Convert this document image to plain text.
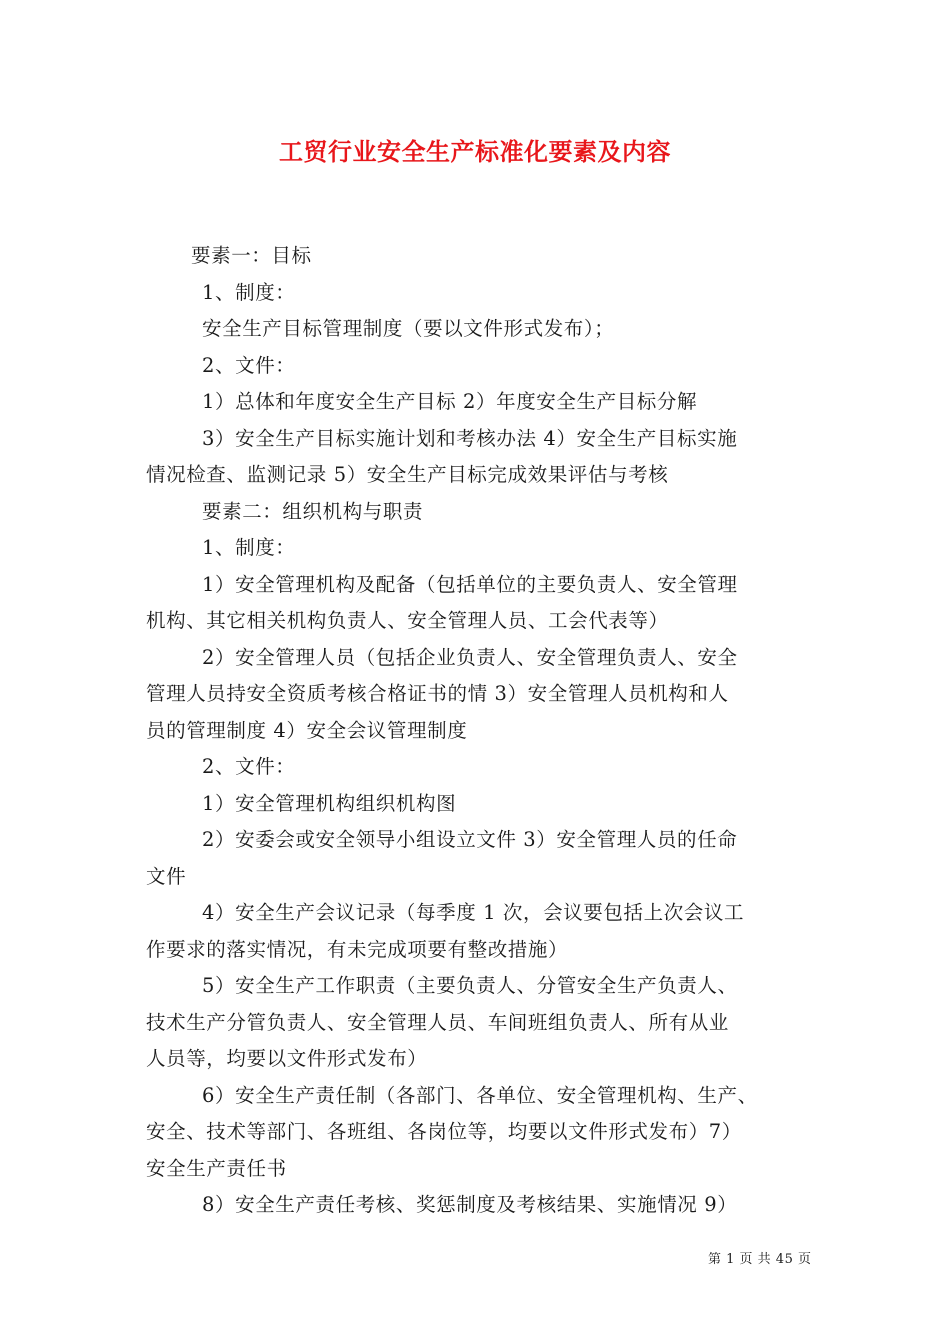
工贸行业安全生产标准化要素及内容

要素一：目标

1、制度：

安全生产目标管理制度（要以文件形式发布）；

2、文件：

1）总体和年度安全生产目标 2）年度安全生产目标分解

3）安全生产目标实施计划和考核办法 4）安全生产目标实施

情况检查、监测记录 5）安全生产目标完成效果评估与考核

要素二：组织机构与职责

1、制度：

1）安全管理机构及配备（包括单位的主要负责人、安全管理

机构、其它相关机构负责人、安全管理人员、工会代表等）

2）安全管理人员（包括企业负责人、安全管理负责人、安全

管理人员持安全资质考核合格证书的情 3）安全管理人员机构和人

员的管理制度 4）安全会议管理制度

2、文件：

1）安全管理机构组织机构图

2）安委会或安全领导小组设立文件 3）安全管理人员的任命

文件

4）安全生产会议记录（每季度 1 次，会议要包括上次会议工

作要求的落实情况，有未完成项要有整改措施）

5）安全生产工作职责（主要负责人、分管安全生产负责人、

技术生产分管负责人、安全管理人员、车间班组负责人、所有从业

人员等，均要以文件形式发布）

6）安全生产责任制（各部门、各单位、安全管理机构、生产、

安全、技术等部门、各班组、各岗位等，均要以文件形式发布）7）

安全生产责任书

8）安全生产责任考核、奖惩制度及考核结果、实施情况 9）

第 1 页 共 45 页
